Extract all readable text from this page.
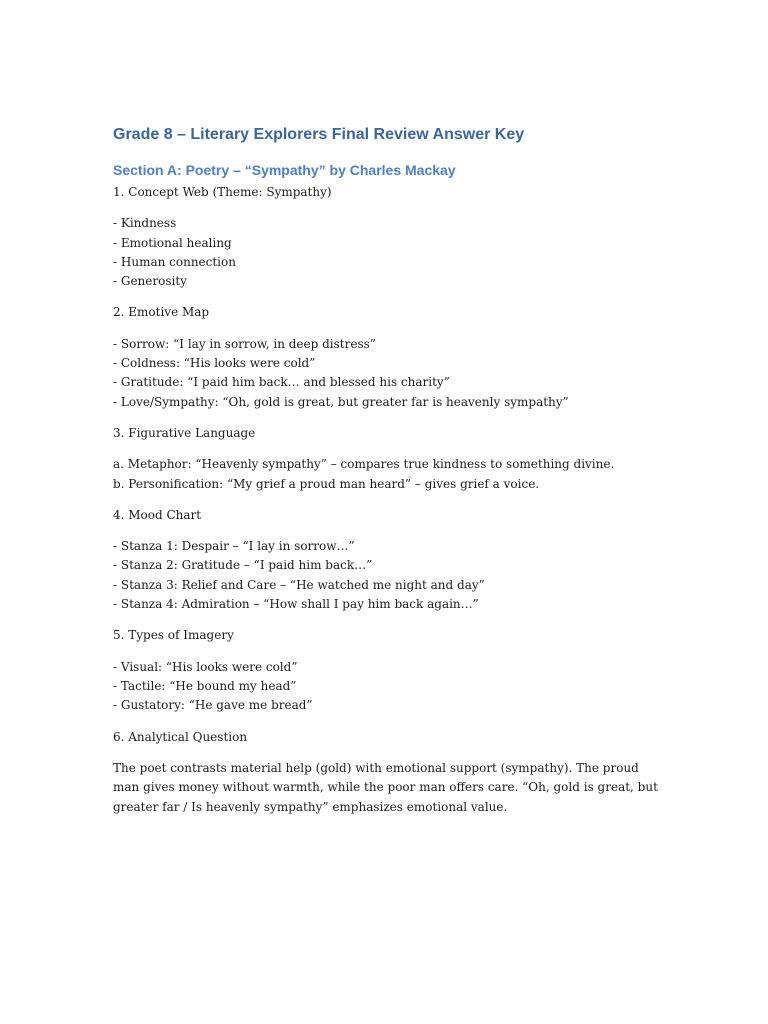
Grade 8 – Literary Explorers Final Review Answer Key
Section A: Poetry – “Sympathy” by Charles Mackay

1. Concept Web (Theme: Sympathy)

- Kindness

- Emotional healing

- Human connection

- Generosity

2. Emotive Map

- Sorrow: “I lay in sorrow, in deep distress”

- Coldness: “His looks were cold”

- Gratitude: “I paid him back… and blessed his charity”

- Love/Sympathy: “Oh, gold is great, but greater far is heavenly sympathy”

3. Figurative Language

a. Metaphor: “Heavenly sympathy” – compares true kindness to something divine.

b. Personification: “My grief a proud man heard” – gives grief a voice.

4. Mood Chart

- Stanza 1: Despair – “I lay in sorrow…”

- Stanza 2: Gratitude – “I paid him back…”

- Stanza 3: Relief and Care – “He watched me night and day”

- Stanza 4: Admiration – “How shall I pay him back again…”

5. Types of Imagery

- Visual: “His looks were cold”

- Tactile: “He bound my head”

- Gustatory: “He gave me bread”

6. Analytical Question

The poet contrasts material help (gold) with emotional support (sympathy). The proud man gives money without warmth, while the poor man offers care. “Oh, gold is great, but greater far / Is heavenly sympathy” emphasizes emotional value.
